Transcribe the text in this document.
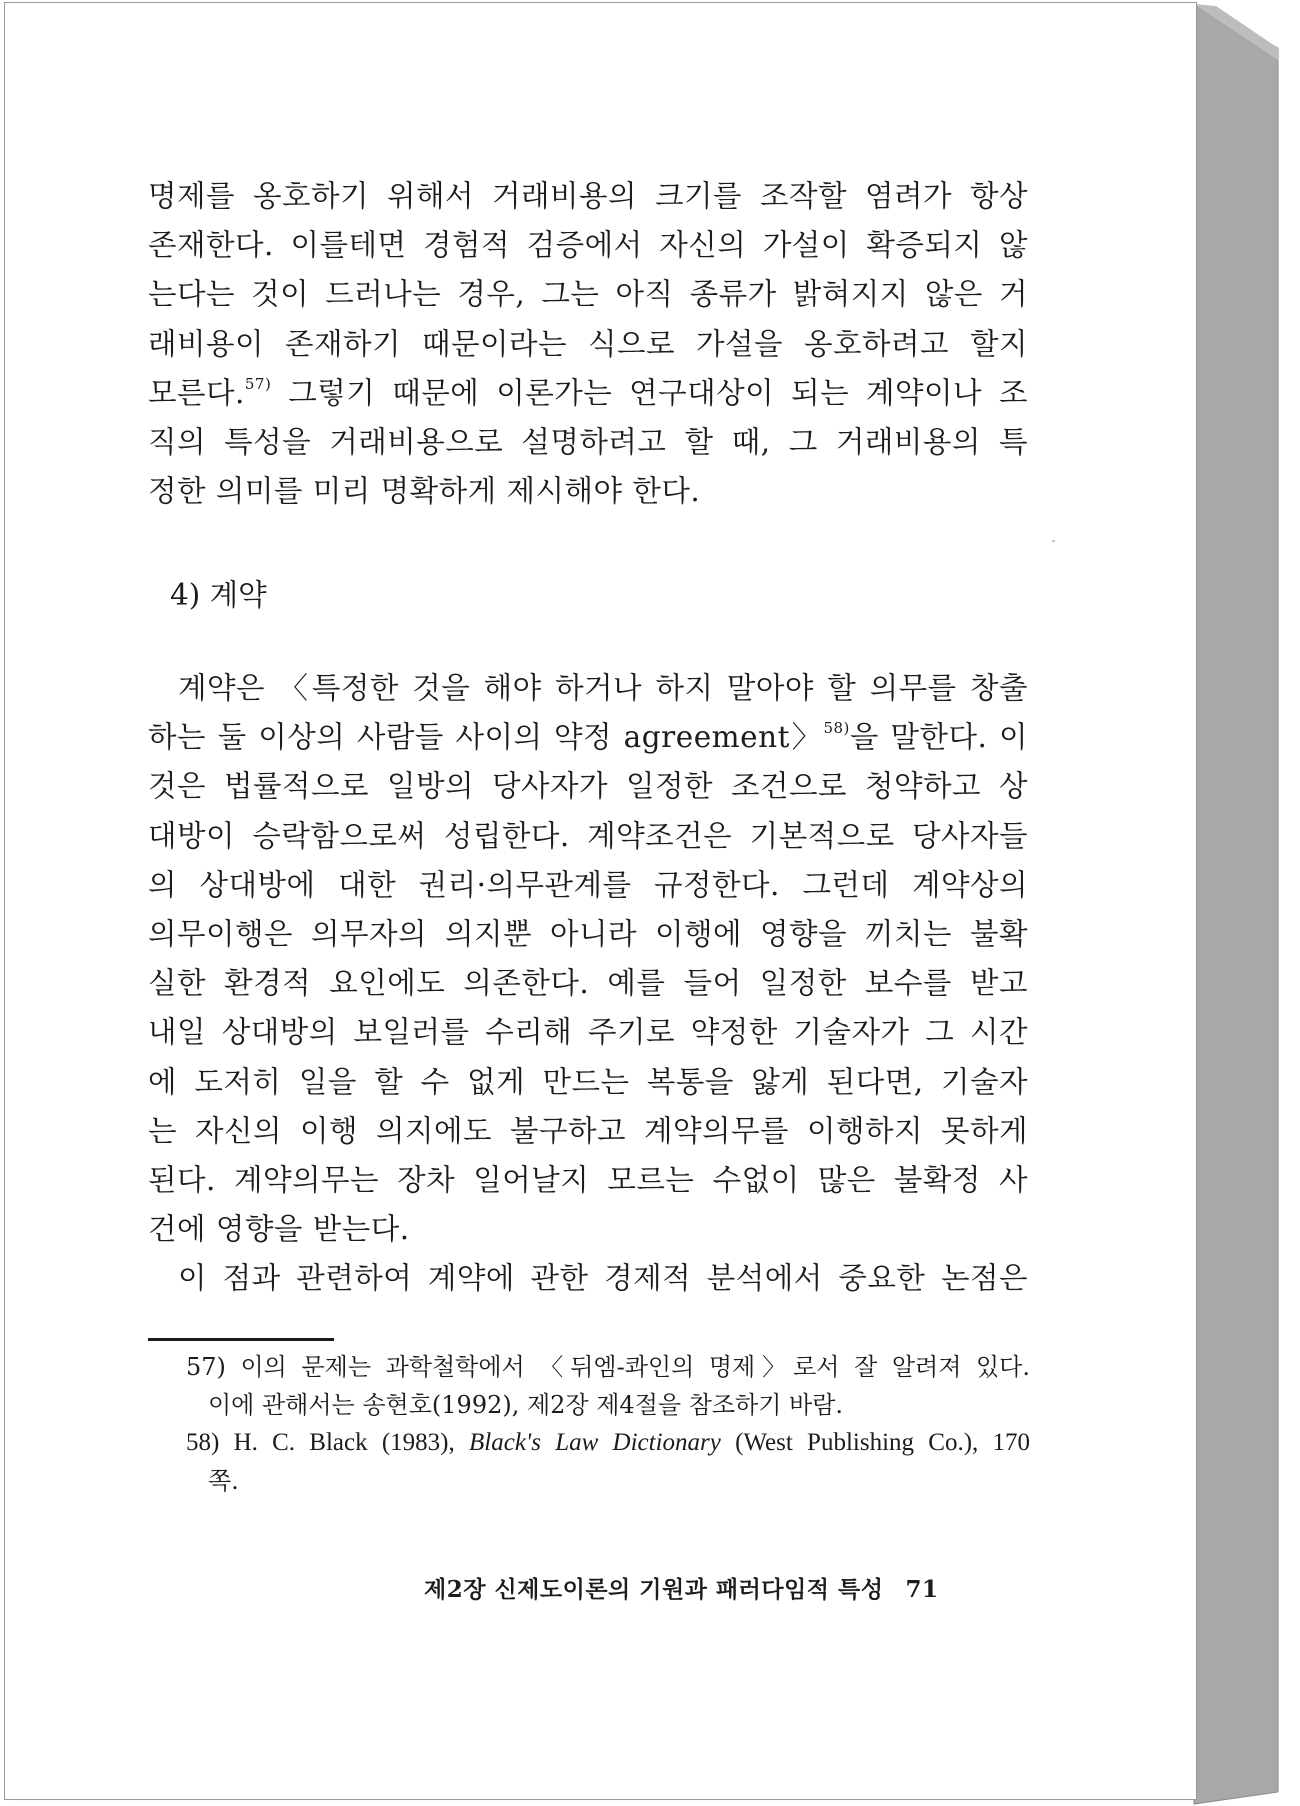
명제를 옹호하기 위해서 거래비용의 크기를 조작할 염려가 항상
존재한다. 이를테면 경험적 검증에서 자신의 가설이 확증되지 않
는다는 것이 드러나는 경우, 그는 아직 종류가 밝혀지지 않은 거
래비용이 존재하기 때문이라는 식으로 가설을 옹호하려고 할지
모른다.$^{57)}$ 그렇기 때문에 이론가는 연구대상이 되는 계약이나 조
직의 특성을 거래비용으로 설명하려고 할 때, 그 거래비용의 특
정한 의미를 미리 명확하게 제시해야 한다.

4) 계약

계약은 〈특정한 것을 해야 하거나 하지 말아야 할 의무를 창출
하는 둘 이상의 사람들 사이의 약정 agreement〉$^{58)}$을 말한다. 이
것은 법률적으로 일방의 당사자가 일정한 조건으로 청약하고 상
대방이 승락함으로써 성립한다. 계약조건은 기본적으로 당사자들
의 상대방에 대한 권리·의무관계를 규정한다. 그런데 계약상의
의무이행은 의무자의 의지뿐 아니라 이행에 영향을 끼치는 불확
실한 환경적 요인에도 의존한다. 예를 들어 일정한 보수를 받고
내일 상대방의 보일러를 수리해 주기로 약정한 기술자가 그 시간
에 도저히 일을 할 수 없게 만드는 복통을 앓게 된다면, 기술자
는 자신의 이행 의지에도 불구하고 계약의무를 이행하지 못하게
된다. 계약의무는 장차 일어날지 모르는 수없이 많은 불확정 사
건에 영향을 받는다.

이 점과 관련하여 계약에 관한 경제적 분석에서 중요한 논점은

57) 이의 문제는 과학철학에서 〈뒤엠-콰인의 명제〉로서 잘 알려져 있다.
이에 관해서는 송현호(1992), 제2장 제4절을 참조하기 바람.
58) H. C. Black (1983), Black's Law Dictionary (West Publishing Co.), 170
쪽.
제2장 신제도이론의 기원과 패러다임적 특성 71
